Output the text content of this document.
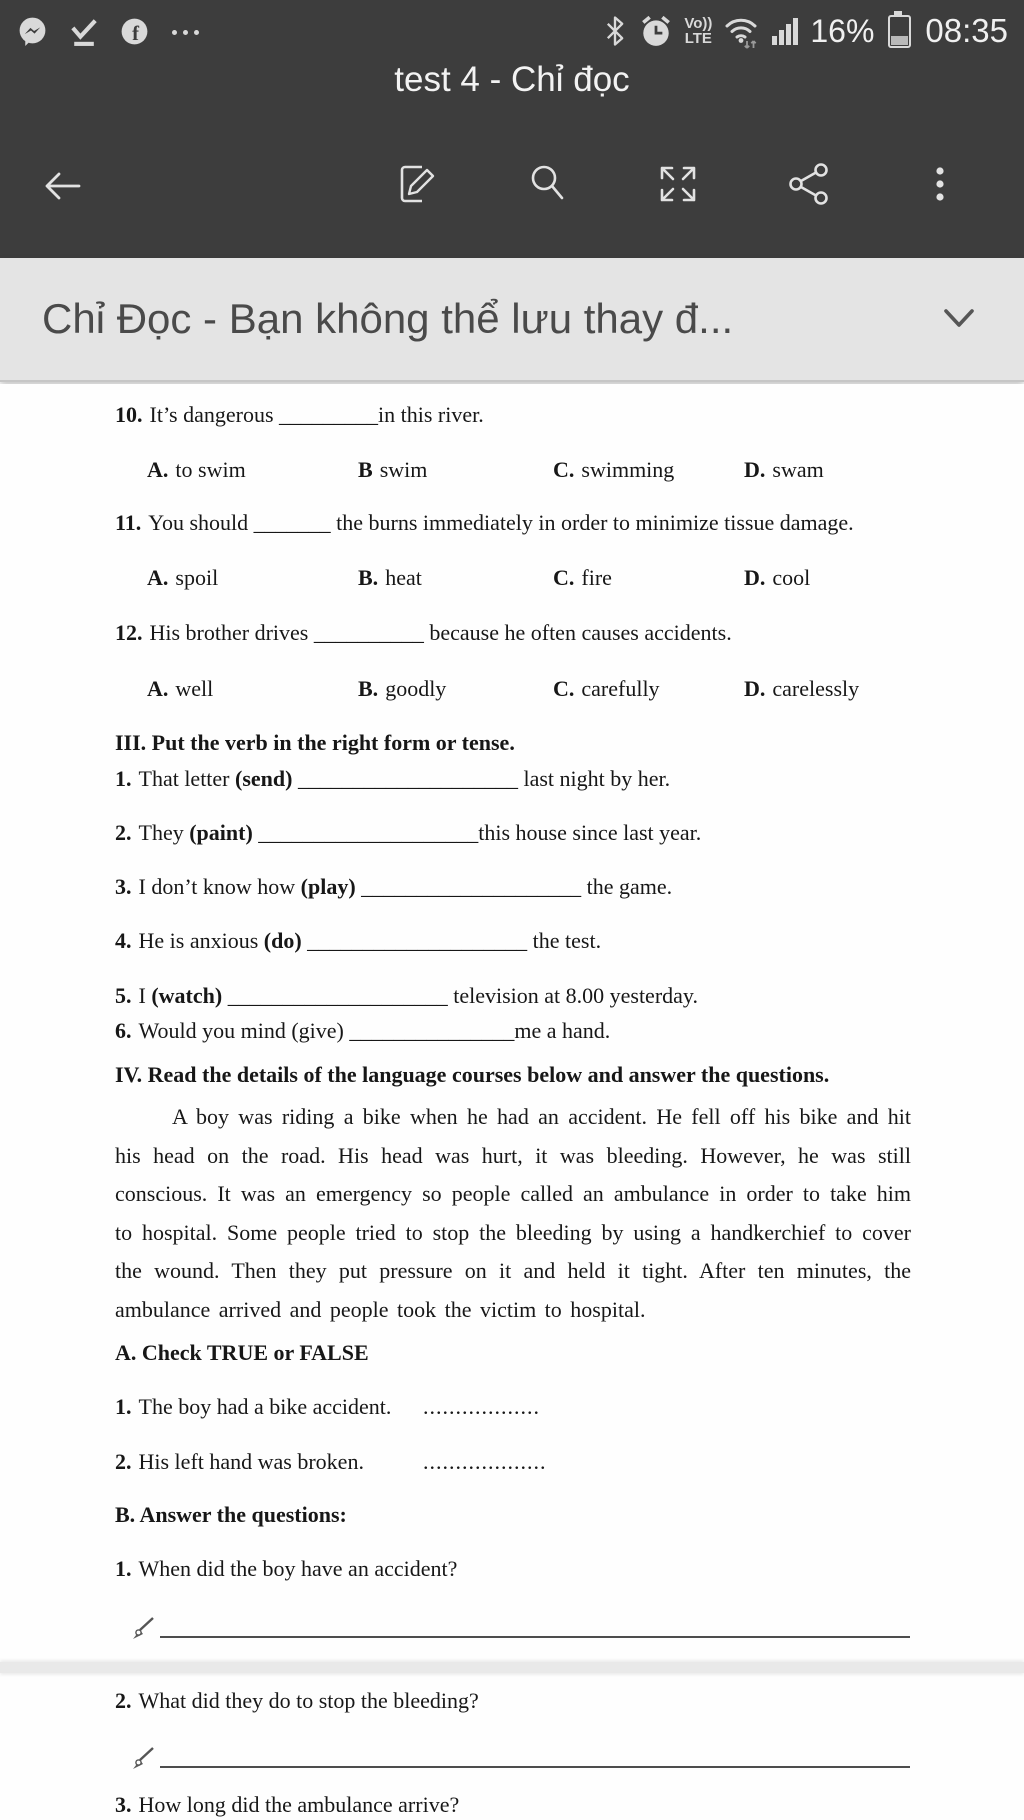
f	Vo))
LTE	16% 08:35
test 4 - Chỉ đọc
Chỉ Đọc - Bạn không thể lưu thay đ...
10. It’s dangerous _________in this river.
A. to swim	B swim	C. swimming	D. swam
11. You should _______ the burns immediately in order to minimize tissue damage.
A. spoil	B. heat	C. fire	D. cool
12. His brother drives __________ because he often causes accidents.
A. well	B. goodly	C. carefully	D. carelessly
III. Put the verb in the right form or tense.
1. That letter (send) ____________________ last night by her.
2. They (paint) ____________________this house since last year.
3. I don’t know how (play) ____________________ the game.
4. He is anxious (do) ____________________ the test.
5. I (watch) ____________________ television at 8.00 yesterday.
6. Would you mind (give) _______________me a hand.
IV. Read the details of the language courses below and answer the questions.
A boy was riding a bike when he had an accident. He fell off his bike and hit his head on the road. His head was hurt, it was bleeding. However, he was still conscious. It was an emergency so people called an ambulance in order to take him to hospital. Some people tried to stop the bleeding by using a handkerchief to cover the wound. Then they put pressure on it and held it tight. After ten minutes, the ambulance arrived and people took the victim to hospital.
A. Check TRUE or FALSE
1. The boy had a bike accident. ..................
2. His left hand was broken.	...................
B. Answer the questions:
1. When did the boy have an accident?
2. What did they do to stop the bleeding?
3. How long did the ambulance arrive?
